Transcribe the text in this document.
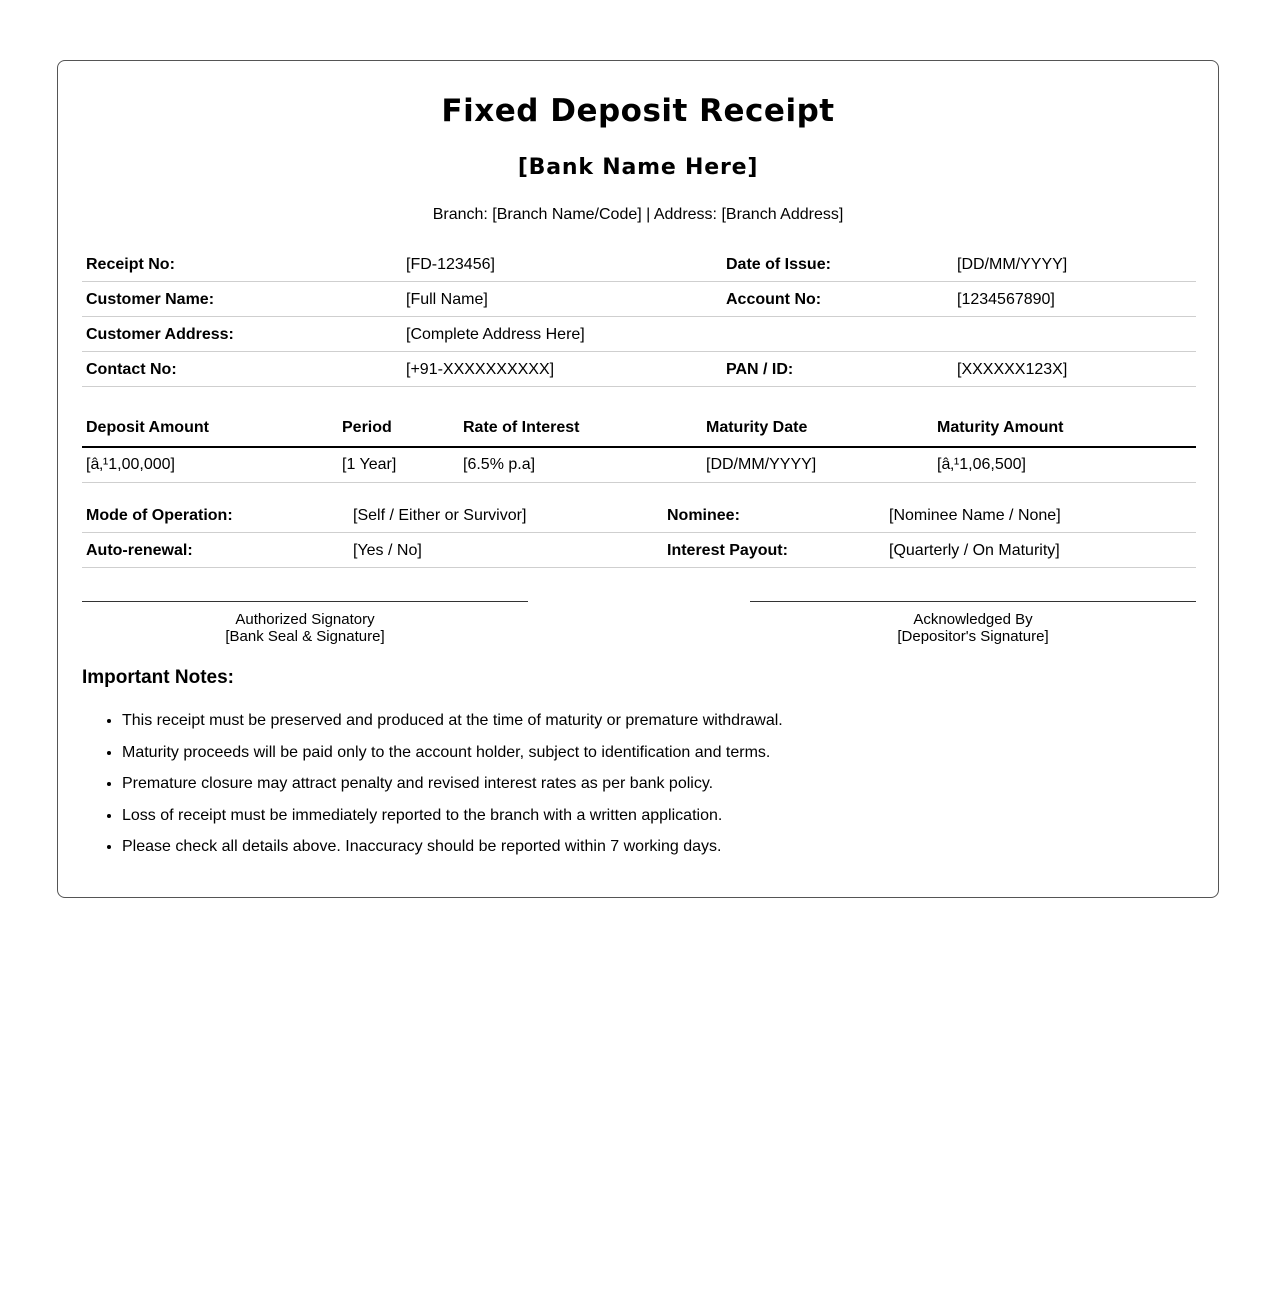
Fixed Deposit Receipt
[Bank Name Here]
Branch: [Branch Name/Code] | Address: [Branch Address]
Receipt No:	[FD-123456]	Date of Issue:	[DD/MM/YYYY]
Customer Name:	[Full Name]	Account No:	[1234567890]
Customer Address:	[Complete Address Here]
Contact No:	[+91-XXXXXXXXXX]	PAN / ID:	[XXXXXX123X]
Deposit Amount	Period	Rate of Interest	Maturity Date	Maturity Amount
[â‚¹1,00,000]	[1 Year]	[6.5% p.a]	[DD/MM/YYYY]	[â‚¹1,06,500]
Mode of Operation:	[Self / Either or Survivor]	Nominee:	[Nominee Name / None]
Auto-renewal:	[Yes / No]	Interest Payout:	[Quarterly / On Maturity]
Authorized Signatory
[Bank Seal & Signature]
Acknowledged By
[Depositor's Signature]
Important Notes:
• This receipt must be preserved and produced at the time of maturity or premature withdrawal.
• Maturity proceeds will be paid only to the account holder, subject to identification and terms.
• Premature closure may attract penalty and revised interest rates as per bank policy.
• Loss of receipt must be immediately reported to the branch with a written application.
• Please check all details above. Inaccuracy should be reported within 7 working days.
